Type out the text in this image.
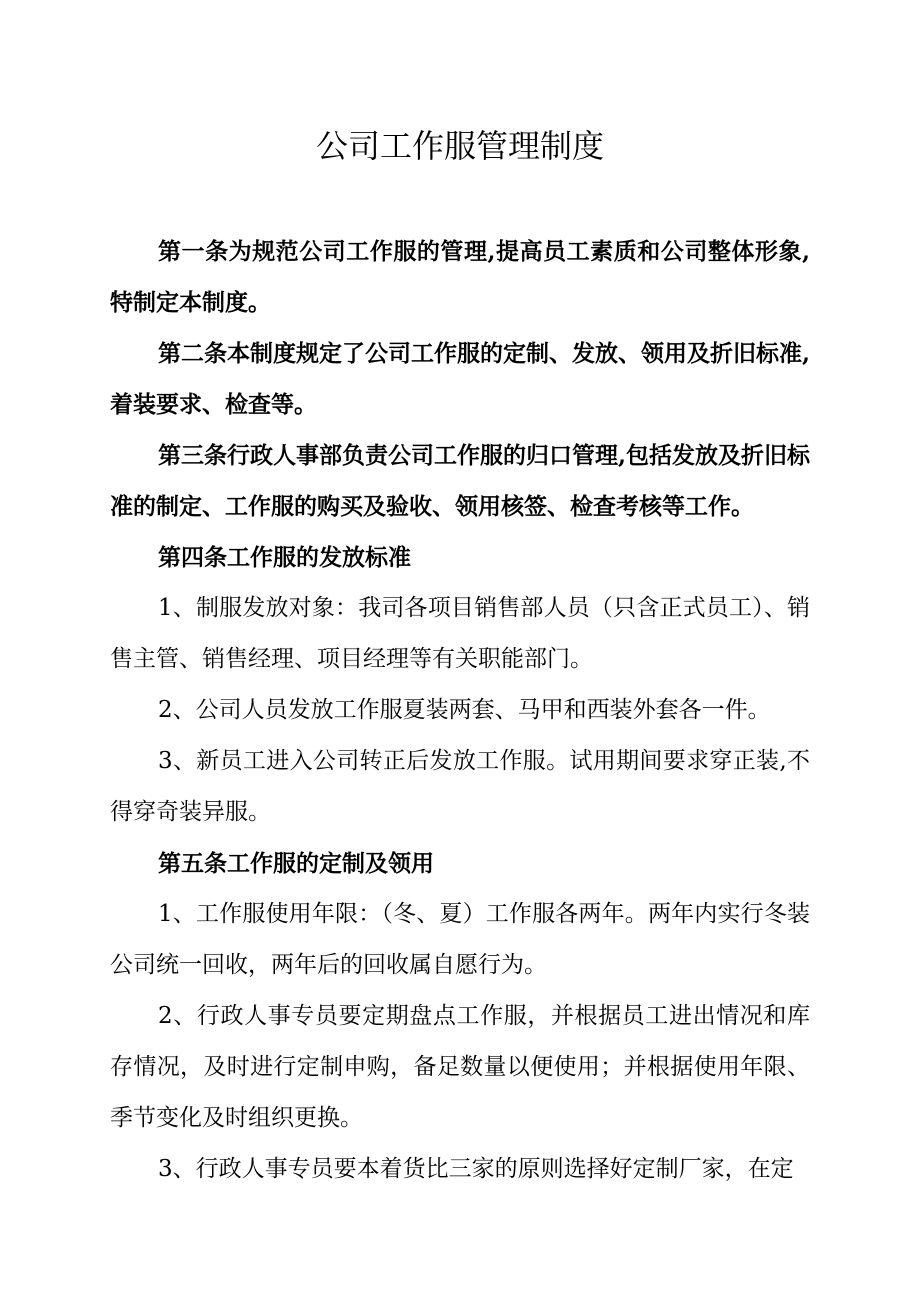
公司工作服管理制度

第一条为规范公司工作服的管理,提高员工素质和公司整体形象,特制定本制度。

第二条本制度规定了公司工作服的定制、发放、领用及折旧标准,着装要求、检查等。

第三条行政人事部负责公司工作服的归口管理,包括发放及折旧标准的制定、工作服的购买及验收、领用核签、检查考核等工作。

第四条工作服的发放标准

1、制服发放对象：我司各项目销售部人员（只含正式员工）、销售主管、销售经理、项目经理等有关职能部门。

2、公司人员发放工作服夏装两套、马甲和西装外套各一件。

3、新员工进入公司转正后发放工作服。试用期间要求穿正装,不得穿奇装异服。

第五条工作服的定制及领用

1、工作服使用年限：（冬、夏）工作服各两年。两年内实行冬装公司统一回收，两年后的回收属自愿行为。

2、行政人事专员要定期盘点工作服，并根据员工进出情况和库存情况，及时进行定制申购，备足数量以便使用；并根据使用年限、季节变化及时组织更换。

3、行政人事专员要本着货比三家的原则选择好定制厂家，在定
